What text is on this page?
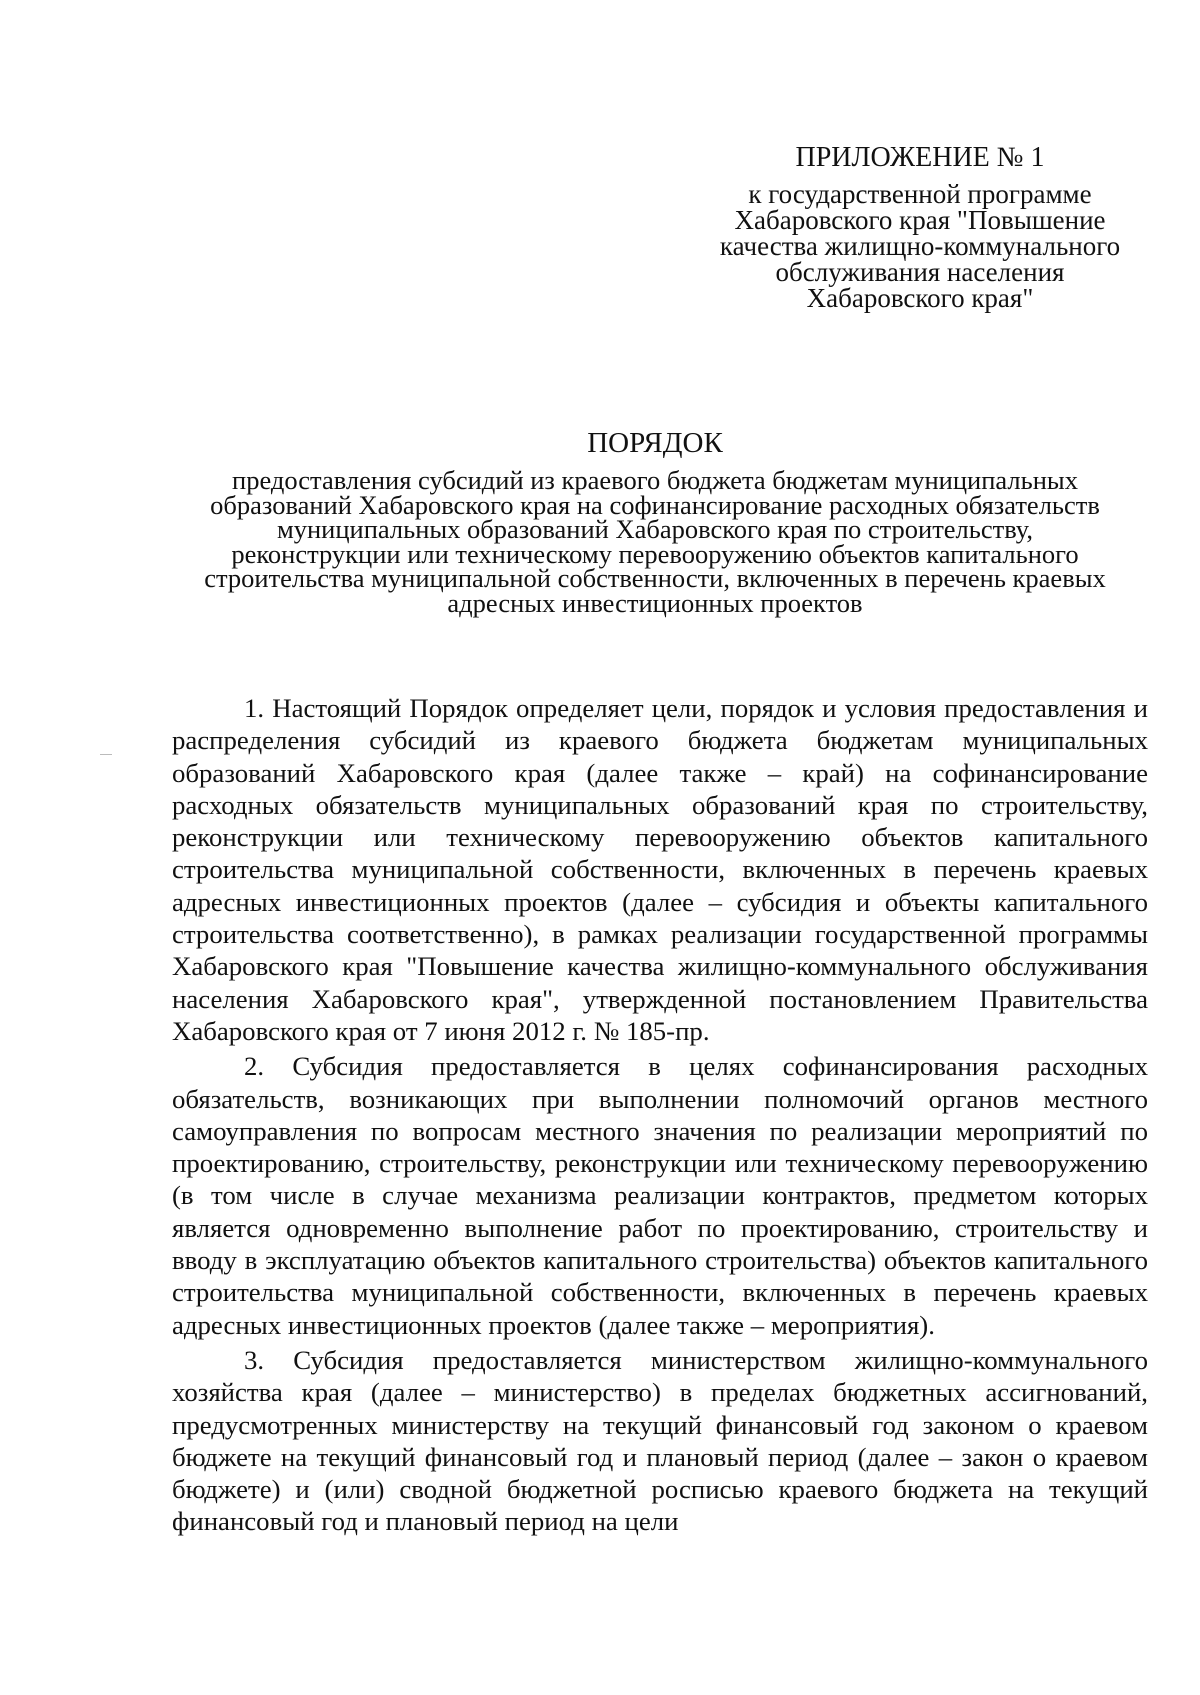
ПРИЛОЖЕНИЕ № 1
к государственной программе
Хабаровского края "Повышение
качества жилищно-коммунального
обслуживания населения
Хабаровского края"
ПОРЯДОК
предоставления субсидий из краевого бюджета бюджетам муниципальных
образований Хабаровского края на софинансирование расходных обязательств
муниципальных образований Хабаровского края по строительству,
реконструкции или техническому перевооружению объектов капитального
строительства муниципальной собственности, включенных в перечень краевых
адресных инвестиционных проектов

1. Настоящий Порядок определяет цели, порядок и условия предоставления и распределения субсидий из краевого бюджета бюджетам муниципальных образований Хабаровского края (далее также – край) на софинансирование расходных обязательств муниципальных образований края по строительству, реконструкции или техническому перевооружению объектов капитального строительства муниципальной собственности, включенных в перечень краевых адресных инвестиционных проектов (далее – субсидия и объекты капитального строительства соответственно), в рамках реализации государственной программы Хабаровского края "Повышение качества жилищно-коммунального обслуживания населения Хабаровского края", утвержденной постановлением Правительства Хабаровского края от 7 июня 2012 г. № 185-пр.

2. Субсидия предоставляется в целях софинансирования расходных обязательств, возникающих при выполнении полномочий органов местного самоуправления по вопросам местного значения по реализации мероприятий по проектированию, строительству, реконструкции или техническому перевооружению (в том числе в случае механизма реализации контрактов, предметом которых является одновременно выполнение работ по проектированию, строительству и вводу в эксплуатацию объектов капитального строительства) объектов капитального строительства муниципальной собственности, включенных в перечень краевых адресных инвестиционных проектов (далее также – мероприятия).

3. Субсидия предоставляется министерством жилищно-коммунального хозяйства края (далее – министерство) в пределах бюджетных ассигнований, предусмотренных министерству на текущий финансовый год законом о краевом бюджете на текущий финансовый год и плановый период (далее – закон о краевом бюджете) и (или) сводной бюджетной росписью краевого бюджета на текущий финансовый год и плановый период на цели
